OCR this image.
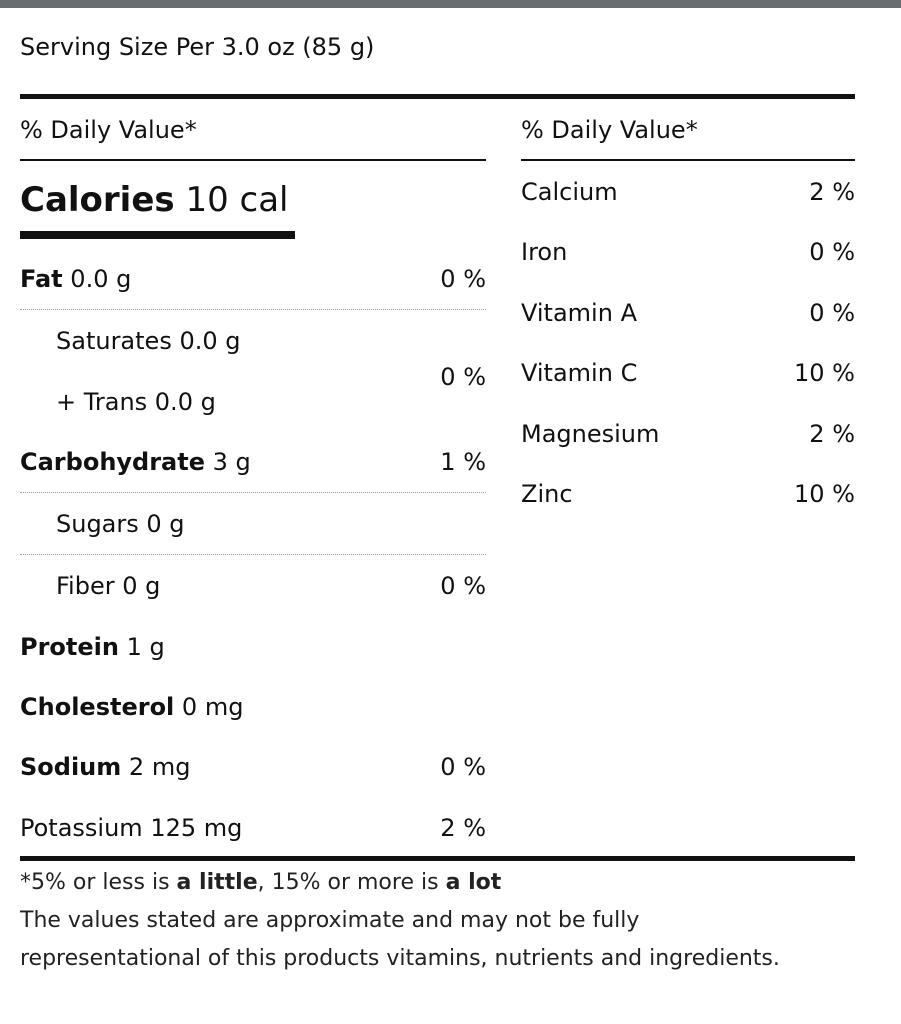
Serving Size Per 3.0 oz (85 g)
% Daily Value*	% Daily Value*
Calories 10 cal
Fat 0.0 g	0 %
Saturates 0.0 g
+ Trans 0.0 g
0 %
Carbohydrate 3 g	1 %
Sugars 0 g
Fiber 0 g	0 %
Protein 1 g
Cholesterol 0 mg
Sodium 2 mg	0 %
Potassium 125 mg	2 %
Calcium	2 %
Iron	0 %
Vitamin A	0 %
Vitamin C	10 %
Magnesium	2 %
Zinc	10 %
*5% or less is a little, 15% or more is a lot
The values stated are approximate and may not be fully
representational of this products vitamins, nutrients and ingredients.
